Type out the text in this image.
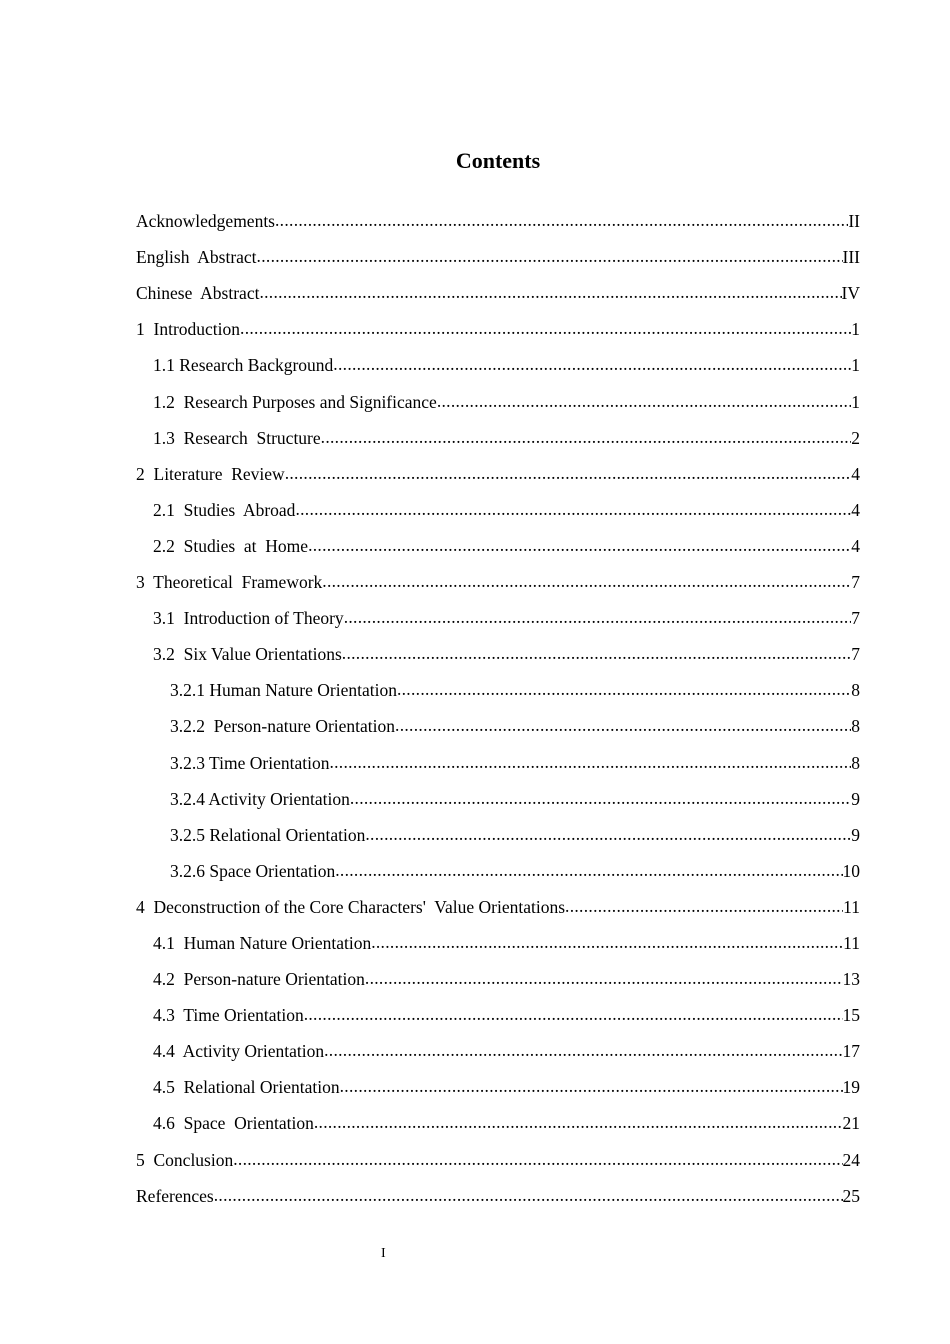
Contents
Acknowledgements .....	II
English  Abstract .....	III
Chinese  Abstract .....	IV
1  Introduction .....	1
1.1 Research Background .....	1
1.2  Research Purposes and Significance .....	1
1.3  Research  Structure .....	2
2  Literature  Review .....	4
2.1  Studies  Abroad .....	4
2.2  Studies  at  Home .....	4
3  Theoretical  Framework .....	7
3.1  Introduction of Theory .....	7
3.2  Six Value Orientations .....	7
3.2.1 Human Nature Orientation .....	8
3.2.2  Person-nature Orientation .....	8
3.2.3 Time Orientation .....	8
3.2.4 Activity Orientation .....	9
3.2.5 Relational Orientation .....	9
3.2.6 Space Orientation .....	10
4  Deconstruction of the Core Characters'  Value Orientations .....	11
4.1  Human Nature Orientation .....	11
4.2  Person-nature Orientation .....	13
4.3  Time Orientation .....	15
4.4  Activity Orientation .....	17
4.5  Relational Orientation .....	19
4.6  Space  Orientation .....	21
5  Conclusion .....	24
References .....	25
I
